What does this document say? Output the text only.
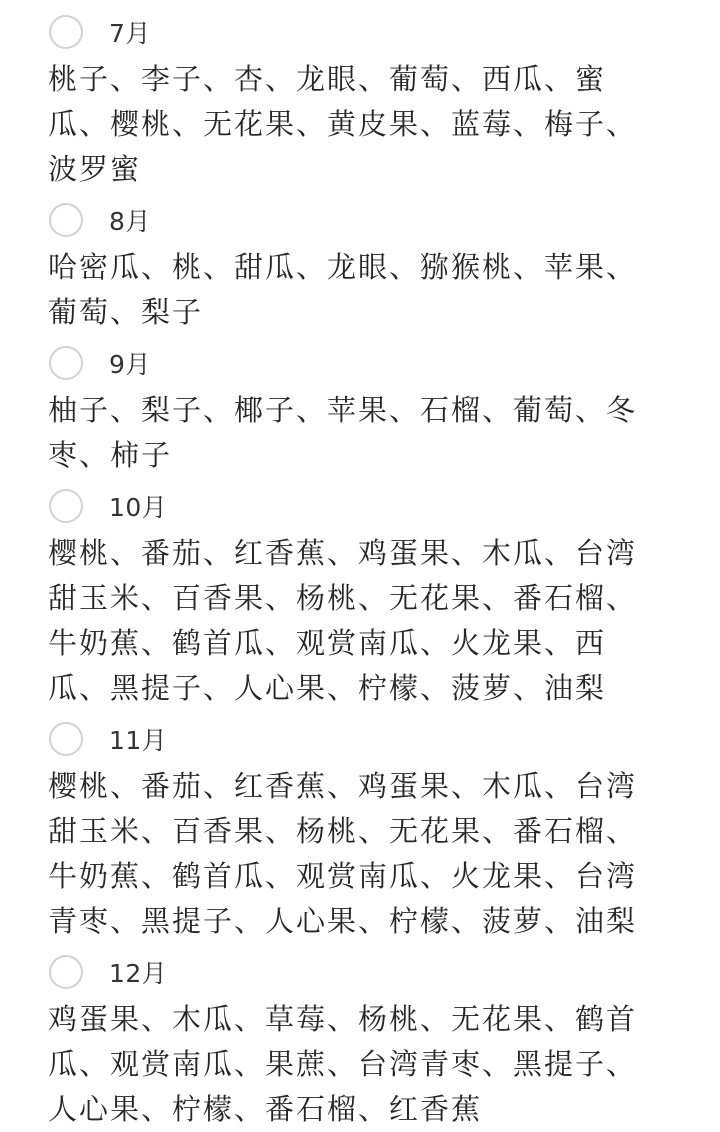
7月

桃子、李子、杏、龙眼、葡萄、西瓜、蜜瓜、樱桃、无花果、黄皮果、蓝莓、梅子、波罗蜜

8月

哈密瓜、桃、甜瓜、龙眼、猕猴桃、苹果、葡萄、梨子

9月

柚子、梨子、椰子、苹果、石榴、葡萄、冬枣、柿子

10月

樱桃、番茄、红香蕉、鸡蛋果、木瓜、台湾甜玉米、百香果、杨桃、无花果、番石榴、牛奶蕉、鹤首瓜、观赏南瓜、火龙果、西瓜、黑提子、人心果、柠檬、菠萝、油梨

11月

樱桃、番茄、红香蕉、鸡蛋果、木瓜、台湾甜玉米、百香果、杨桃、无花果、番石榴、牛奶蕉、鹤首瓜、观赏南瓜、火龙果、台湾青枣、黑提子、人心果、柠檬、菠萝、油梨

12月

鸡蛋果、木瓜、草莓、杨桃、无花果、鹤首瓜、观赏南瓜、果蔗、台湾青枣、黑提子、人心果、柠檬、番石榴、红香蕉
